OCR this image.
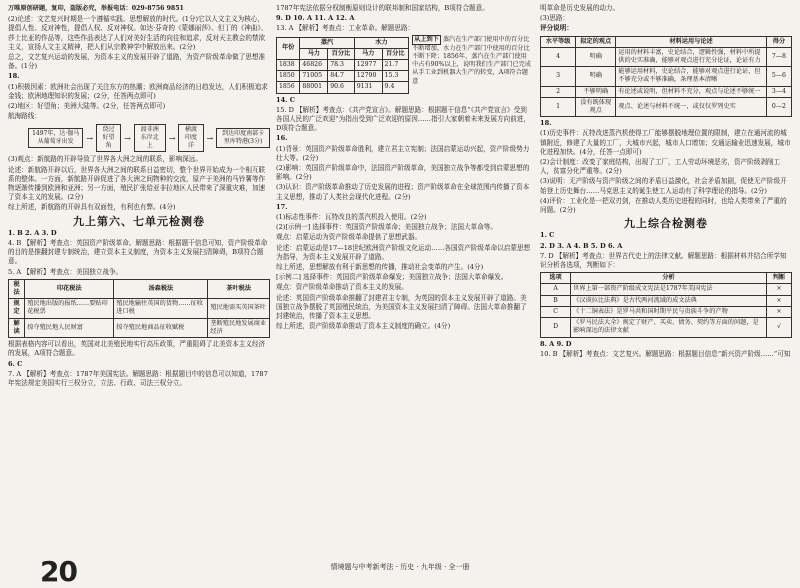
万唯原创研题，复印，盗版必究，举报电话：029-8756 9851

(2)论述：文艺复兴时期是一个遵循实践、思想解放的时代。(1分)它以人文主义为核心，提倡人性、反对神性，提倡人权、反对神权。如达·芬奇的《蒙娜丽莎》、但丁的《神曲》、莎士比亚的作品等，这些作品表达了人们对美好生活的向往和追求，反对天主教会的禁欲主义，宣扬人文主义精神，把人们从宗教神学中解放出来。(2分)

总之，文艺复兴运动的发展，为资本主义的发展开辟了道路，为资产阶级革命做了思想准备。(1分)

18.

(1)积极因素：欧洲社会出现了关注东方的热潮；欧洲商品经济的日趋发达，人们积极追求金钱；欧洲地理知识的发展；(2分，任答两点即可)

(2)地区：好望角；美洲大陆等。(2分，任答两点即可)

航海路线：

1497年，达·伽马从葡萄牙出发	→
绕过好望角
→
渡非洲东岸北上
→
横渡印度洋
→	到达印度南部卡里库特港(3分)

(3)观点：新航路的开辟导致了世界各大洲之间的联系，影响深远。

论述：新航路开辟以后，世界各大洲之间的联系日益密切，整个世界开始成为一个相互联系的整体。一方面，新航路开辟促进了各大洲之间物种的交流，原产于美洲的马铃薯等作物逐渐传播到欧洲和亚洲；另一方面，殖民扩张给亚非拉地区人民带来了深重灾难，加速了资本主义的发展。(2分)

综上所述，新航路的开辟具有双面性，有利也有弊。(4分)

九上第六、七单元检测卷

1. B 2. A 3. D

4. B 【解析】考查点：英国资产阶级革命。解题思路：根据题干信息可知，资产阶级革命的目的是推翻封建专制统治，建立资本主义制度，为资本主义发展扫清障碍，B项符合题意。

5. A 【解析】考查点：美国独立战争。

税法	印花税法	汤森税法	茶叶税法
规定	殖民地出版的报纸……要贴印花税票	殖民地输往英国的货物……征收进口税	殖民地需买英国茶叶
解读	掠夺殖民地人民财富	掠夺殖民地商品征收赋税	垄断殖民地发展商业经济

根据表格内容可以看出，英国对北美殖民地实行高压政策，严重阻碍了北美资本主义经济的发展，A项符合题意。

6. C

7. A 【解析】考查点：1787年美国宪法。解题思路：根据题目中的信息可以知道，1787年宪法规定美国实行三权分立，立法、行政、司法三权分立。

1787年宪法依据分权制衡原则设计的联邦制和国家结构，B项符合题意。

9. D 10. A 11. A 12. A

13. A 【解析】考查点：工业革命。解题思路：

年份	蒸汽		水力	
	马力	百分比	马力	百分比
1838	46826	78.3	12977	21.7
1850	71005	84.7	12790	15.3
1856	88001	90.6	9131	9.4
从上到下 蒸汽在生产部门使用中的百分比不断增加，水力在生产部门中使用的百分比不断下降；1856年，蒸汽在生产部门使用中占有90%以上，说明我们生产部门已完成从手工业到机器大生产的转变，A项符合题意

14. C

15. D 【解析】考查点：《共产党宣言》。解题思路：根据题干信息“《共产党宣言》受到各国人民的广泛欢迎”为指出受到广泛欢迎的原因……指引大家朝着未来发展方向前进，D项符合题意。

16.

(1)背景：英国资产阶级革命胜利，建立君主立宪制；法国启蒙运动兴起，资产阶级势力壮大等。(2分)

(2)影响：英国资产阶级革命中，法国资产阶级革命，美国独立战争等都受到启蒙思想的影响。(2分)

(3)认识：资产阶级革命推动了历史发展的进程；资产阶级革命在全球范围内传播了资本主义思想，推动了人类社会现代化进程。(2分)

17.

(1)标志性事件：瓦特改良的蒸汽机投入使用。(2分)

(2)[示例一] 选择事件：英国资产阶级革命；美国独立战争；法国大革命等。

观点：启蒙运动为资产阶级革命提供了思想武器。

论述：启蒙运动是17—18世纪欧洲资产阶级文化运动……各国资产阶级革命以启蒙思想为指导，为资本主义发展开辟了道路。

综上所述，思想解放有利于新思想的传播，推动社会变革的产生。(4分)

[示例二] 选择事件：英国资产阶级革命爆发；美国独立战争；法国大革命爆发。

观点：资产阶级革命推动了资本主义的发展。

论述：英国资产阶级革命推翻了封建君主专制，为英国的资本主义发展开辟了道路。美国独立战争摆脱了英国殖民统治，为美国资本主义发展扫清了障碍。法国大革命推翻了封建统治，传播了资本主义思想。

综上所述，资产阶级革命推动了资本主义制度的确立。(4分)

明革命是历史发展的动力。

(3)思路：

评分说明：

水平等级	拟定的观点	材料运用与论述	得分
4	明确	运用的材料丰富，史论结合，逻辑性强，材料中所提供的史实准确，能够对观点进行充分论证，论证有力	7—8
3	明确	能够运用材料，史论结合，能够对观点进行论证，但不够充分或不够准确，条理基本清晰	5—6
2	不够明确	有论述或说明，但材料不充分，观点与论述不够统一	3—4
1	没有既体现观点	观点、论述与材料不统一，或仅仅罗列史实	0—2

18.

(1)历史事件：瓦特改进蒸汽机使得工厂能够摆脱地理位置的限制，建立在通河流的城镇附近，修建了大量的工厂，大城市兴起，城市人口增加；交通运输业迅速发展，城市化进程加快。(4分，任答一点即可)

(2)会计制度：改变了家庭结构，出现了工厂，工人劳动环境恶劣，资产阶级剥削工人，贫富分化严重等。(2分)

(3)说明：无产阶级与资产阶级之间的矛盾日益激化，社会矛盾加剧，促使无产阶级开始登上历史舞台……马克思主义的诞生使工人运动有了科学理论的指导。(2分)

(4)评价：工业化是一把双刃剑，在推动人类历史进程的同时，也给人类带来了严重的问题。(2分)

九上综合检测卷

1. C

2. D 3. A 4. B 5. D 6. A

7. D 【解析】考查点：世界古代史上的法律文献。解题思路：根据材料并结合所学知识分析各选项，判断如下：

选项	分析	判断
A	世界上第一部资产阶级成文宪法是1787年美国宪法	×
B	《汉谟拉比法典》是古代两河流域的成文法典	×
C	《十二铜表法》是罗马共和国时期平民与贵族斗争的产物	×
D	《罗马民法大全》规定了财产、买卖、债务、契约等方面的问题，是影响深远的法律文献	√

8. A 9. D

10. B 【解析】考查点：文艺复兴。解题思路：根据题目信息“新兴资产阶级……”可知

20	情境题与中考新考法 · 历史 · 九年级 · 全一册
